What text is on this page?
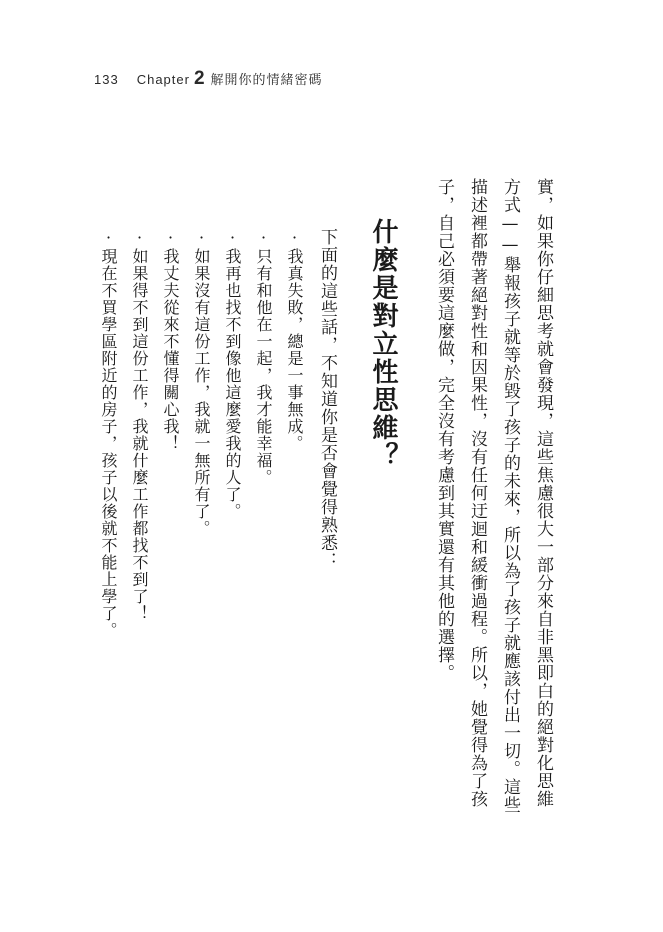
133 Chapter 2 解開你的情緒密碼

實，如果你仔細思考就會發現，這些焦慮很大一部分來自非黑即白的絕對化思維

方式——舉報孩子就等於毀了孩子的未來，所以為了孩子就應該付出一切。這些

描述裡都帶著絕對性和因果性，沒有任何迂迴和緩衝過程。所以，她覺得為了孩

子，自己必須要這麼做，完全沒有考慮到其實還有其他的選擇。

什麼是對立性思維？

下面的這些話，不知道你是否會覺得熟悉：

·我真失敗，總是一事無成。

·只有和他在一起，我才能幸福。

·我再也找不到像他這麼愛我的人了。

·如果沒有這份工作，我就一無所有了。

·我丈夫從來不懂得關心我！

·如果得不到這份工作，我就什麼工作都找不到了！

·現在不買學區附近的房子，孩子以後就不能上學了。
